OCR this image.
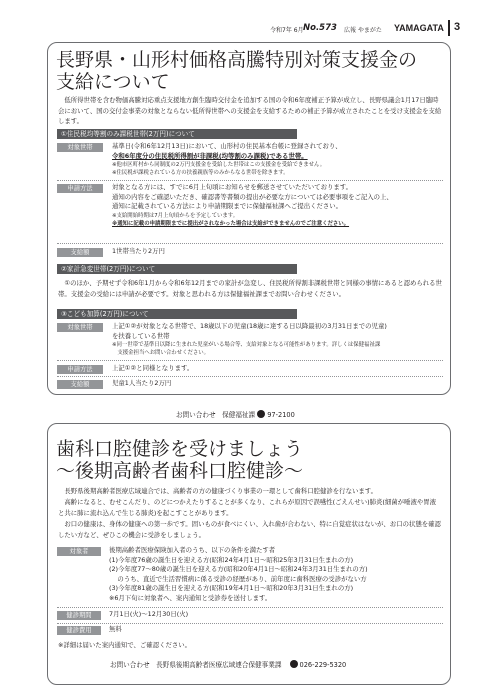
令和7年 6月 No.573 広報 やまがた YAMAGATA 3
長野県・山形村価格高騰特別対策支援金の
支給について

低所得世帯を含む物価高騰対応重点支援地方創生臨時交付金を追加する国の令和6年度補正予算が成立し、長野県議会1月17日臨時会において、国の交付金事業の対象とならない低所得世帯への支援金を支給するための補正予算が成立されたことを受け支援金を支給します。

①住民税均等割のみ課税世帯(2万円)について
対象世帯	基準日(令和6年12月13日)において、山形村の住民基本台帳に登録されており、
令和6年度分の住民税所得割が非課税(均等割のみ課税)である世帯。
※他市区町村から同制度の2万円支援金を受給した世帯はこの支援金を受給できません。
※住民税が課税されている方の扶養親族等のみからなる世帯を除きます。
申請方法	対象となる方には、すでに6月上旬頃にお知らせを郵送させていただいております。
通知の内容をご確認いただき、確認書等書類の提出が必要な方については必要事項をご記入の上、
通知に記載されている方法により申請期限までに保健福祉課へご提出ください。
※支給開始時期は7月上旬頃からを予定しています。
※通知に記載の申請期限までに提出がされなかった場合は支給ができませんのでご注意ください。
支給額	1世帯当たり2万円
②家計急変世帯(2万円)について

①のほか、予期せず令和6年1月から令和6年12月までの家計が急変し、住民税所得割非課税世帯と同様の事情にあると認められる世帯。支援金の受給には申請が必要です。対象と思われる方は保健福祉課までお問い合わせください。

③こども加算(2万円)について
対象世帯	上記①②が対象となる世帯で、18歳以下の児童(18歳に達する日以降最初の3月31日までの児童)
を扶養している世帯
※同一世帯で基準日以降に生まれた児童がいる場合等、支給対象となる可能性があります。詳しくは保健福祉課
　支援金担当へお問い合わせください。
申請方法	上記①②と同様となります。
支給額	児童1人当たり2万円
お問い合わせ　保健福祉課 97-2100
歯科口腔健診を受けましょう
～後期高齢者歯科口腔健診～

長野県後期高齢者医療広域連合では、高齢者の方の健康づくり事業の一環として歯科口腔健診を行ないます。

高齢になると、むせこんだり、のどにつかえたりすることが多くなり、これらが原因で誤嚥性(ごえんせい)肺炎(細菌が唾液や胃液と共に肺に流れ込んで生じる肺炎)を起こすことがあります。

お口の健康は、身体の健康への第一歩です。固いものが食べにくい、入れ歯が合わない、特に自覚症状はないが、お口の状態を確認したい方など、ぜひこの機会に受診をしましょう。

対象者	後期高齢者医療保険加入者のうち、以下の条件を満たす者
(1)今年度76歳の誕生日を迎える方(昭和24年4月1日～昭和25年3月31日生まれの方)
(2)今年度77～80歳の誕生日を迎える方(昭和20年4月1日～昭和24年3月31日生まれの方)
　 のうち、直近で生活習慣病に係る受診の経歴があり、前年度に歯科医療の受診がない方
(3)今年度81歳の誕生日を迎える方(昭和19年4月1日～昭和20年3月31日生まれの方)
※6月下旬に対象者へ、案内通知と受診券を送付します。
健診期間	7月1日(火)～12月30日(火)
健診費用	無料

※詳細は届いた案内通知で、ご確認ください。

お問い合わせ　長野県後期高齢者医療広域連合保健事業課	026-229-5320
